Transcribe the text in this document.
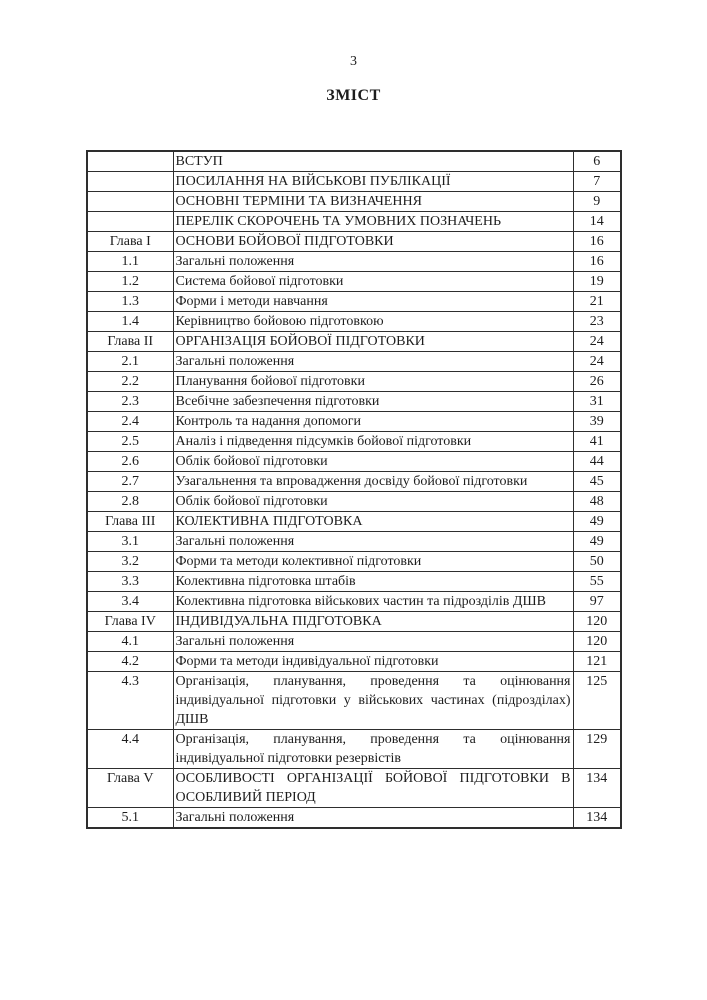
3
ЗМІСТ
	ВСТУП	6
	ПОСИЛАННЯ НА ВІЙСЬКОВІ ПУБЛІКАЦІЇ	7
	ОСНОВНІ ТЕРМІНИ ТА ВИЗНАЧЕННЯ	9
	ПЕРЕЛІК СКОРОЧЕНЬ ТА УМОВНИХ ПОЗНАЧЕНЬ	14
Глава I	ОСНОВИ БОЙОВОЇ ПІДГОТОВКИ	16
1.1	Загальні положення	16
1.2	Система бойової підготовки	19
1.3	Форми і методи навчання	21
1.4	Керівництво бойовою підготовкою	23
Глава II	ОРГАНІЗАЦІЯ БОЙОВОЇ ПІДГОТОВКИ	24
2.1	Загальні положення	24
2.2	Планування бойової підготовки	26
2.3	Всебічне забезпечення підготовки	31
2.4	Контроль та надання допомоги	39
2.5	Аналіз і підведення підсумків бойової підготовки	41
2.6	Облік бойової підготовки	44
2.7	Узагальнення та впровадження досвіду бойової підготовки	45
2.8	Облік бойової підготовки	48
Глава III	КОЛЕКТИВНА ПІДГОТОВКА	49
3.1	Загальні положення	49
3.2	Форми та методи колективної підготовки	50
3.3	Колективна підготовка штабів	55
3.4	Колективна підготовка військових частин та підрозділів ДШВ	97
Глава IV	ІНДИВІДУАЛЬНА ПІДГОТОВКА	120
4.1	Загальні положення	120
4.2	Форми та методи індивідуальної підготовки	121
4.3	Організація, планування, проведення та оцінювання індивідуальної підготовки у військових частинах (підрозділах) ДШВ	125
4.4	Організація, планування, проведення та оцінювання індивідуальної підготовки резервістів	129
Глава V	ОСОБЛИВОСТІ ОРГАНІЗАЦІЇ БОЙОВОЇ ПІДГОТОВКИ В ОСОБЛИВИЙ ПЕРІОД	134
5.1	Загальні положення	134
